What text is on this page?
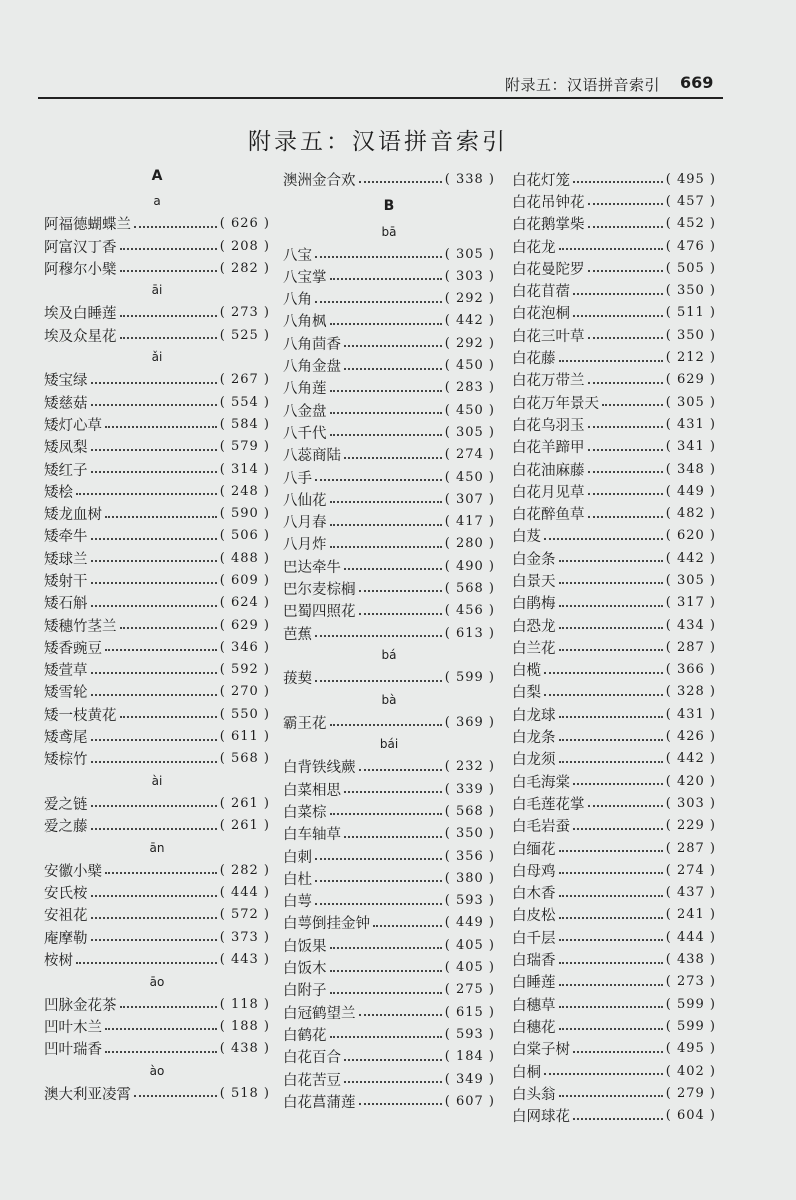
附录五：汉语拼音索引 669
附录五：汉语拼音索引
A
a
阿福德蝴蝶兰	( 626 )
阿富汉丁香	( 208 )
阿穆尔小檗	( 282 )
āi
埃及白睡莲	( 273 )
埃及众星花	( 525 )
ǎi
矮宝绿	( 267 )
矮慈菇	( 554 )
矮灯心草	( 584 )
矮凤梨	( 579 )
矮红子	( 314 )
矮桧	( 248 )
矮龙血树	( 590 )
矮牵牛	( 506 )
矮球兰	( 488 )
矮射干	( 609 )
矮石斛	( 624 )
矮穗竹茎兰	( 629 )
矮香豌豆	( 346 )
矮萱草	( 592 )
矮雪轮	( 270 )
矮一枝黄花	( 550 )
矮鸢尾	( 611 )
矮棕竹	( 568 )
ài
爱之链	( 261 )
爱之藤	( 261 )
ān
安徽小檗	( 282 )
安氏桉	( 444 )
安祖花	( 572 )
庵摩勒	( 373 )
桉树	( 443 )
āo
凹脉金花茶	( 118 )
凹叶木兰	( 188 )
凹叶瑞香	( 438 )
ào
澳大利亚凌霄	( 518 )
澳洲金合欢	( 338 )
B
bā
八宝	( 305 )
八宝掌	( 303 )
八角	( 292 )
八角枫	( 442 )
八角茴香	( 292 )
八角金盘	( 450 )
八角莲	( 283 )
八金盘	( 450 )
八千代	( 305 )
八蕊商陆	( 274 )
八手	( 450 )
八仙花	( 307 )
八月春	( 417 )
八月炸	( 280 )
巴达牵牛	( 490 )
巴尔麦棕榈	( 568 )
巴蜀四照花	( 456 )
芭蕉	( 613 )
bá
菝葜	( 599 )
bà
霸王花	( 369 )
bái
白背铁线蕨	( 232 )
白菜相思	( 339 )
白菜棕	( 568 )
白车轴草	( 350 )
白刺	( 356 )
白杜	( 380 )
白萼	( 593 )
白萼倒挂金钟	( 449 )
白饭果	( 405 )
白饭木	( 405 )
白附子	( 275 )
白冠鹤望兰	( 615 )
白鹤花	( 593 )
白花百合	( 184 )
白花苦豆	( 349 )
白花菖蒲莲	( 607 )
白花灯笼	( 495 )
白花吊钟花	( 457 )
白花鹅掌柴	( 452 )
白花龙	( 476 )
白花曼陀罗	( 505 )
白花苜蓿	( 350 )
白花泡桐	( 511 )
白花三叶草	( 350 )
白花藤	( 212 )
白花万带兰	( 629 )
白花万年景天	( 305 )
白花乌羽玉	( 431 )
白花羊蹄甲	( 341 )
白花油麻藤	( 348 )
白花月见草	( 449 )
白花醉鱼草	( 482 )
白芨	( 620 )
白金条	( 442 )
白景天	( 305 )
白鹃梅	( 317 )
白恐龙	( 434 )
白兰花	( 287 )
白榄	( 366 )
白梨	( 328 )
白龙球	( 431 )
白龙条	( 426 )
白龙须	( 442 )
白毛海棠	( 420 )
白毛莲花掌	( 303 )
白毛岩蚕	( 229 )
白缅花	( 287 )
白母鸡	( 274 )
白木香	( 437 )
白皮松	( 241 )
白千层	( 444 )
白瑞香	( 438 )
白睡莲	( 273 )
白穗草	( 599 )
白穗花	( 599 )
白棠子树	( 495 )
白桐	( 402 )
白头翁	( 279 )
白网球花	( 604 )
